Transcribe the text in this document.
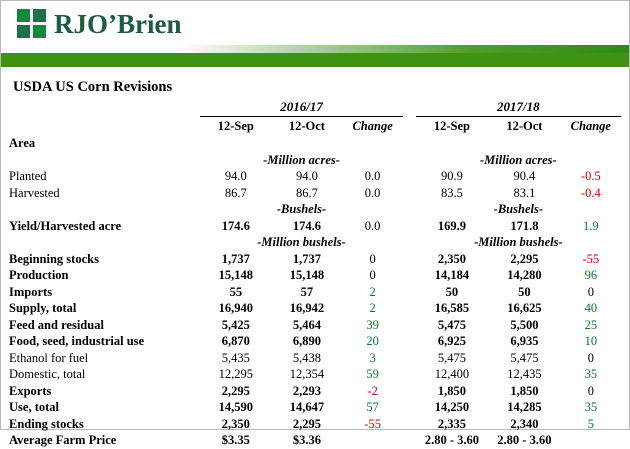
RJO’Brien
USDA US Corn Revisions
	2016/17				2017/18		
	12-Sep	12-Oct	Change		12-Sep	12-Oct	Change
Area							
	-Million acres-				-Million acres-		
Planted	94.0	94.0	0.0		90.9	90.4	-0.5
Harvested	86.7	86.7	0.0		83.5	83.1	-0.4
	-Bushels-				-Bushels-		
Yield/Harvested acre	174.6	174.6	0.0		169.9	171.8	1.9
	-Million bushels-				-Million bushels-		
Beginning stocks	1,737	1,737	0		2,350	2,295	-55
Production	15,148	15,148	0		14,184	14,280	96
Imports	55	57	2		50	50	0
Supply, total	16,940	16,942	2		16,585	16,625	40
Feed and residual	5,425	5,464	39		5,475	5,500	25
Food, seed, industrial use	6,870	6,890	20		6,925	6,935	10
Ethanol for fuel	5,435	5,438	3		5,475	5,475	0
Domestic, total	12,295	12,354	59		12,400	12,435	35
Exports	2,295	2,293	-2		1,850	1,850	0
Use, total	14,590	14,647	57		14,250	14,285	35
Ending stocks	2,350	2,295	-55		2,335	2,340	5
Average Farm Price	$3.35	$3.36			2.80 - 3.60	2.80 - 3.60	
